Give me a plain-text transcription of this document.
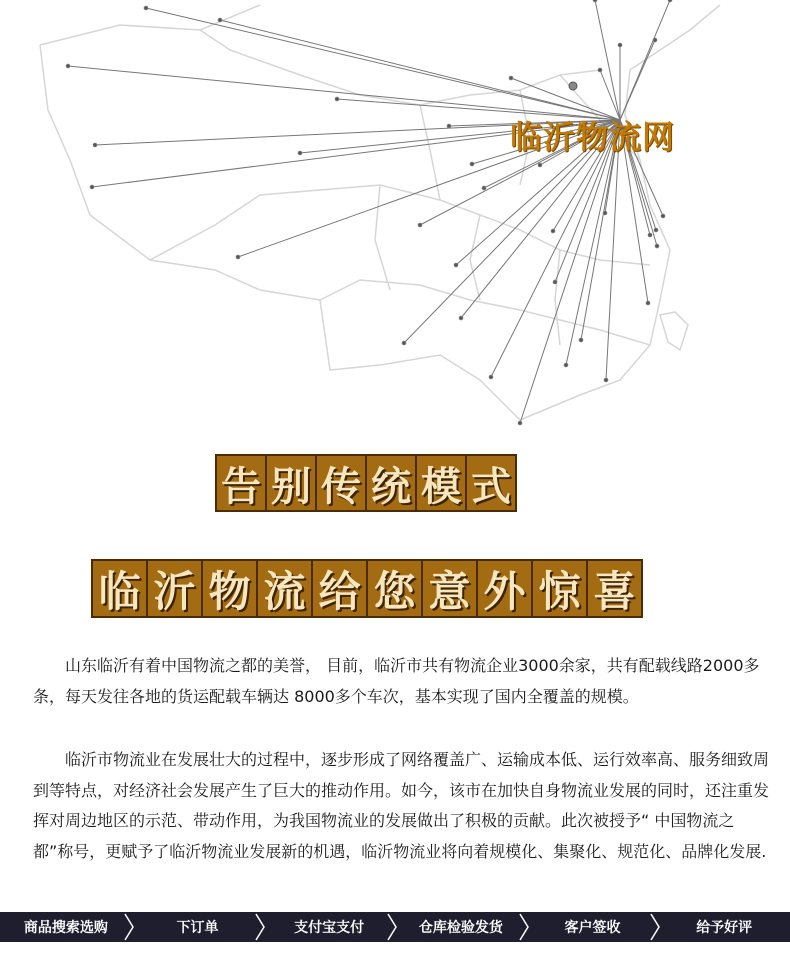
临沂物流网
告 别 传 统 模 式
临 沂 物 流 给 您 意 外 惊 喜

山东临沂有着中国物流之都的美誉， 目前，临沂市共有物流企业3000余家，共有配载线路2000多条，每天发往各地的货运配载车辆达 8000多个车次，基本实现了国内全覆盖的规模。

临沂市物流业在发展壮大的过程中，逐步形成了网络覆盖广、运输成本低、运行效率高、服务细致周到等特点，对经济社会发展产生了巨大的推动作用。如今，该市在加快自身物流业发展的同时，还注重发挥对周边地区的示范、带动作用，为我国物流业的发展做出了积极的贡献。此次被授予“ 中国物流之都”称号，更赋予了临沂物流业发展新的机遇，临沂物流业将向着规模化、集聚化、规范化、品牌化发展.

商品搜索选购	下订单	支付宝支付	仓库检验发货	客户签收	给予好评
